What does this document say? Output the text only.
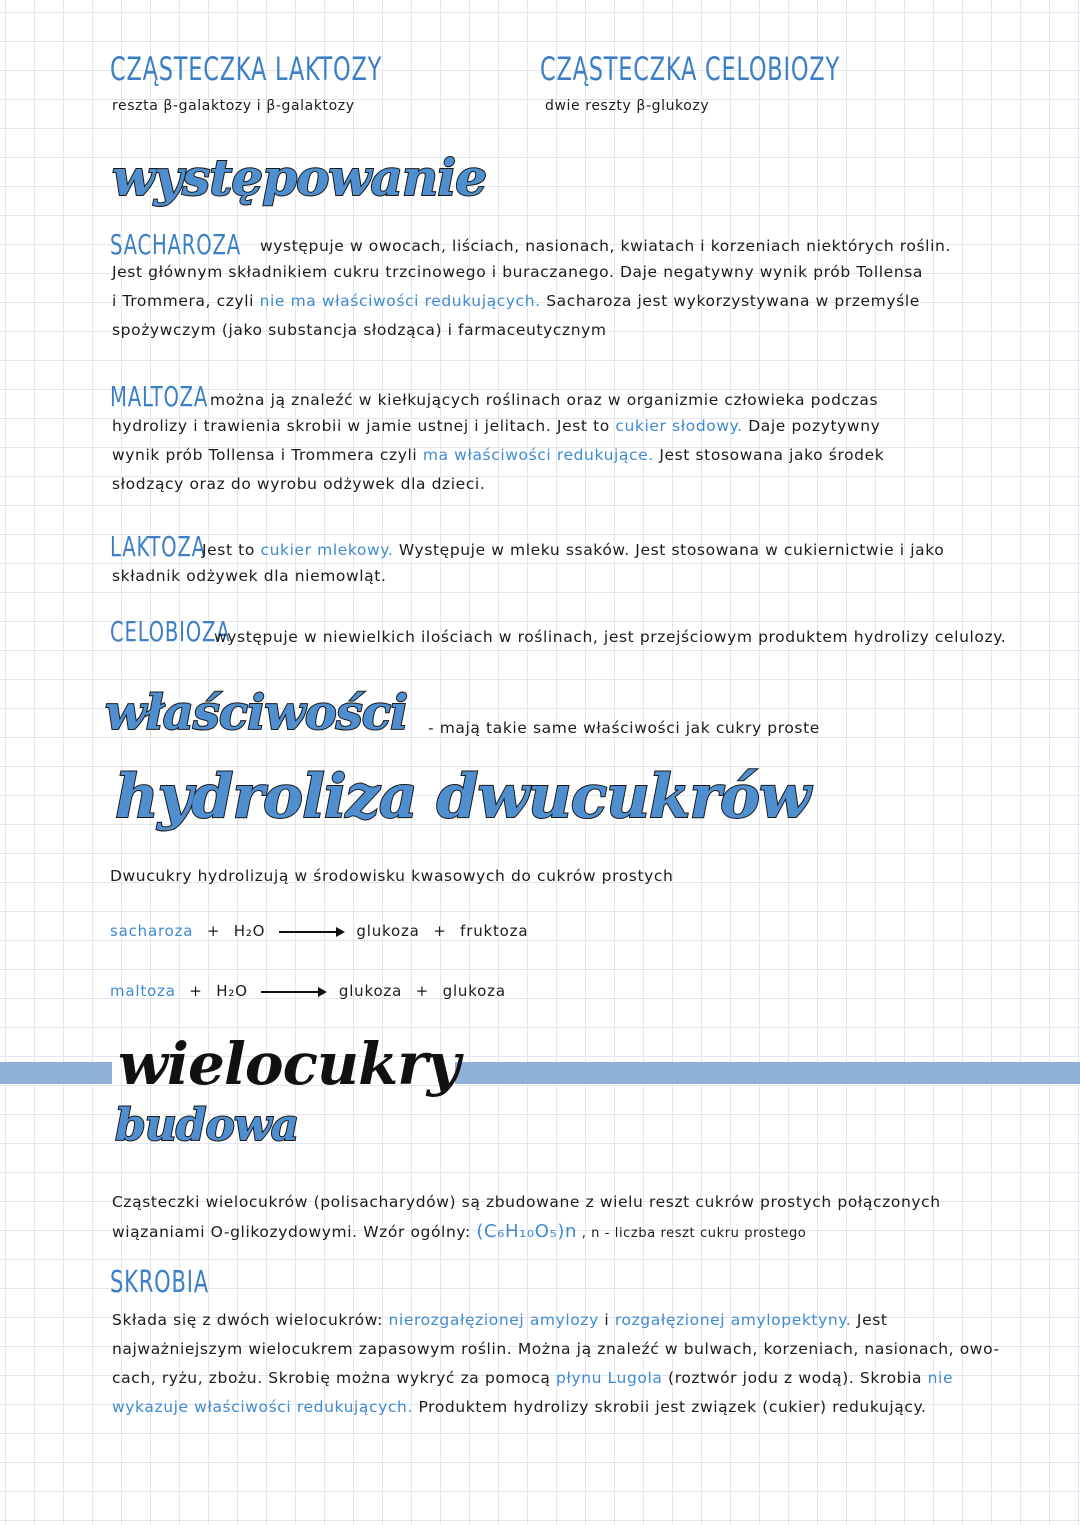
CZĄSTECZKA LAKTOZY
reszta β-galaktozy i β-galaktozy
CZĄSTECZKA CELOBIOZY
dwie reszty β-glukozy
występowanie
SACHAROZA występuje w owocach, liściach, nasionach, kwiatach i korzeniach niektórych roślin.
Jest głównym składnikiem cukru trzcinowego i buraczanego. Daje negatywny wynik prób Tollensa
i Trommera, czyli nie ma właściwości redukujących. Sacharoza jest wykorzystywana w przemyśle
spożywczym (jako substancja słodząca) i farmaceutycznym
MALTOZA można ją znaleźć w kiełkujących roślinach oraz w organizmie człowieka podczas
hydrolizy i trawienia skrobii w jamie ustnej i jelitach. Jest to cukier słodowy. Daje pozytywny
wynik prób Tollensa i Trommera czyli ma właściwości redukujące. Jest stosowana jako środek
słodzący oraz do wyrobu odżywek dla dzieci.
LAKTOZA
Jest to cukier mlekowy. Występuje w mleku ssaków. Jest stosowana w cukiernictwie i jako
składnik odżywek dla niemowląt.
CELOBIOZA
występuje w niewielkich ilościach w roślinach, jest przejściowym produktem hydrolizy celulozy.
właściwości - mają takie same właściwości jak cukry proste
hydroliza dwucukrów
Dwucukry hydrolizują w środowisku kwasowych do cukrów prostych
sacharoza + H₂O	glukoza + fruktoza
maltoza + H₂O	glukoza + glukoza
wielocukry
budowa
Cząsteczki wielocukrów (polisacharydów) są zbudowane z wielu reszt cukrów prostych połączonych
wiązaniami O-glikozydowymi. Wzór ogólny: (C₆H₁₀O₅)n , n - liczba reszt cukru prostego
SKROBIA
Składa się z dwóch wielocukrów: nierozgałęzionej amylozy i rozgałęzionej amylopektyny. Jest
najważniejszym wielocukrem zapasowym roślin. Można ją znaleźć w bulwach, korzeniach, nasionach, owo-
cach, ryżu, zbożu. Skrobię można wykryć za pomocą płynu Lugola (roztwór jodu z wodą). Skrobia nie
wykazuje właściwości redukujących. Produktem hydrolizy skrobii jest związek (cukier) redukujący.
